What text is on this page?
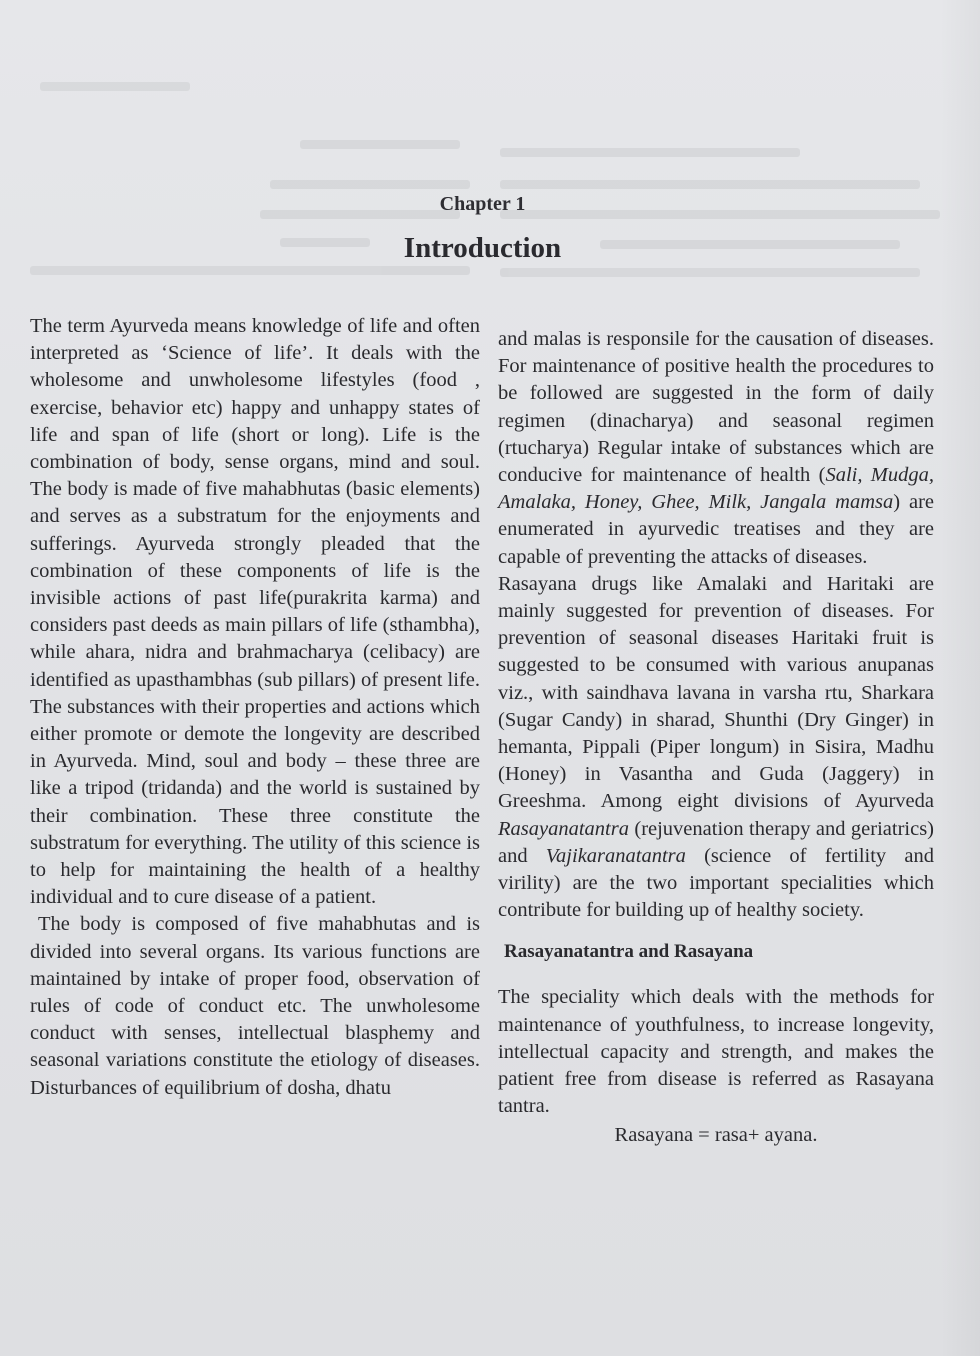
Chapter 1
Introduction

The term Ayurveda means knowledge of life and often interpreted as ‘Science of life’. It deals with the wholesome and unwholesome lifestyles (food , exercise, behavior etc) happy and unhappy states of life and span of life (short or long). Life is the combination of body, sense organs, mind and soul. The body is made of five mahabhutas (basic elements) and serves as a substratum for the enjoyments and sufferings. Ayurveda strongly pleaded that the combination of these components of life is the invisible actions of past life(purakrita karma) and considers past deeds as main pillars of life (sthambha), while ahara, nidra and brahmacharya (celibacy) are identified as upasthambhas (sub pillars) of present life. The substances with their properties and actions which either promote or demote the longevity are described in Ayurveda. Mind, soul and body – these three are like a tripod (tridanda) and the world is sustained by their combination. These three constitute the substratum for everything. The utility of this science is to help for maintaining the health of a healthy individual and to cure disease of a patient.

The body is composed of five mahabhutas and is divided into several organs. Its various functions are maintained by intake of proper food, observation of rules of code of conduct etc. The unwholesome conduct with senses, intellectual blasphemy and seasonal variations constitute the etiology of diseases. Disturbances of equilibrium of dosha, dhatu

and malas is responsile for the causation of diseases. For maintenance of positive health the procedures to be followed are suggested in the form of daily regimen (dinacharya) and seasonal regimen (rtucharya) Regular intake of substances which are conducive for maintenance of health (Sali, Mudga, Amalaka, Honey, Ghee, Milk, Jangala mamsa) are enumerated in ayurvedic treatises and they are capable of preventing the attacks of diseases.

Rasayana drugs like Amalaki and Haritaki are mainly suggested for prevention of diseases. For prevention of seasonal diseases Haritaki fruit is suggested to be consumed with various anupanas viz., with saindhava lavana in varsha rtu, Sharkara (Sugar Candy) in sharad, Shunthi (Dry Ginger) in hemanta, Pippali (Piper longum) in Sisira, Madhu (Honey) in Vasantha and Guda (Jaggery) in Greeshma. Among eight divisions of Ayurveda Rasayanatantra (rejuvenation therapy and geriatrics) and Vajikaranatantra (science of fertility and virility) are the two important specialities which contribute for building up of healthy society.

Rasayanatantra and Rasayana

The speciality which deals with the methods for maintenance of youthfulness, to increase longevity, intellectual capacity and strength, and makes the patient free from disease is referred as Rasayana tantra.

Rasayana = rasa+ ayana.
